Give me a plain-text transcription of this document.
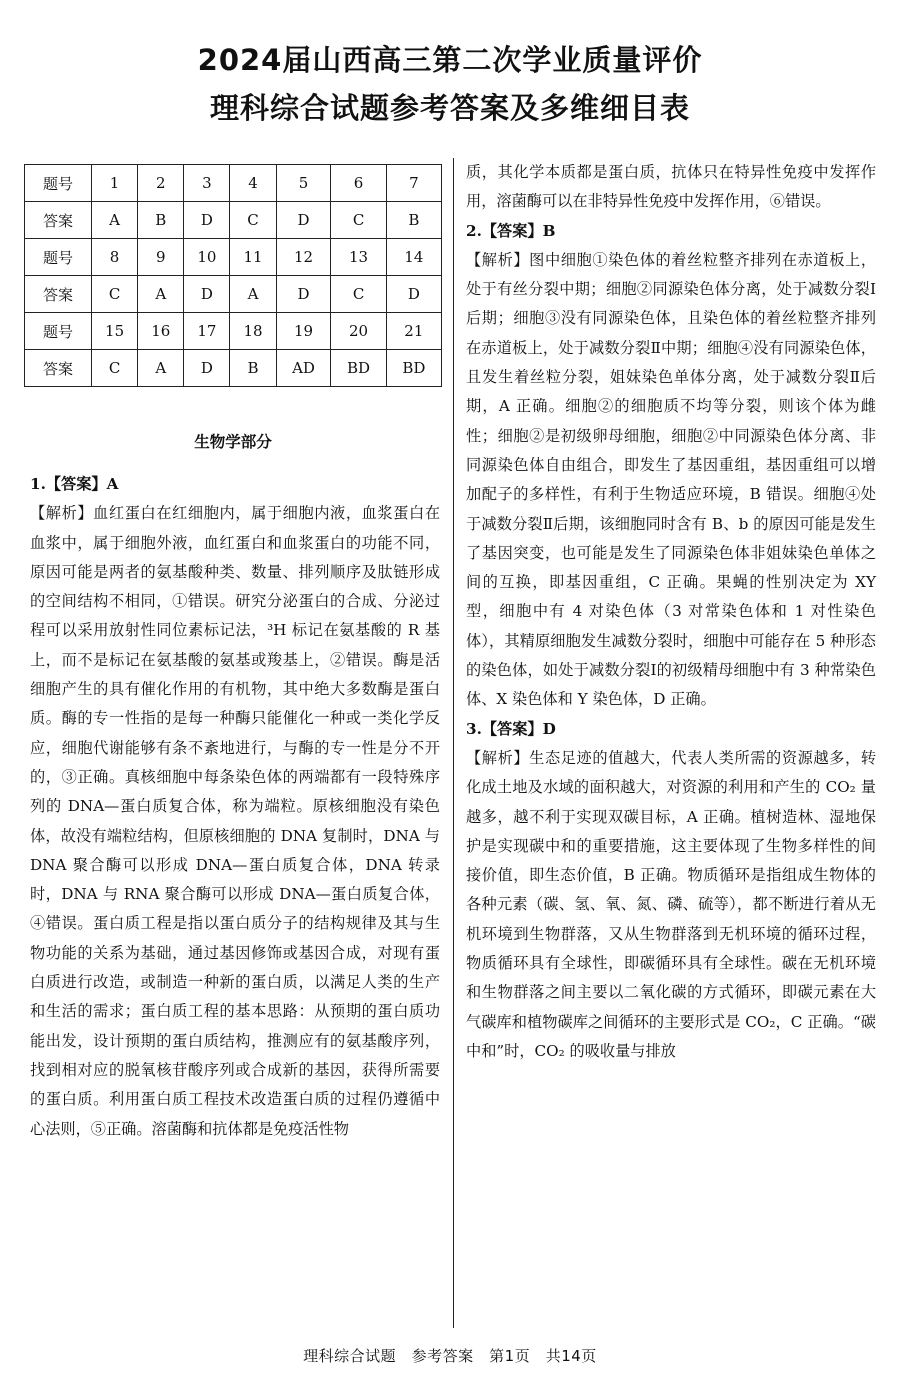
2024届山西高三第二次学业质量评价
理科综合试题参考答案及多维细目表
题号	1	2	3	4	5	6	7
答案	A	B	D	C	D	C	B
题号	8	9	10	11	12	13	14
答案	C	A	D	A	D	C	D
题号	15	16	17	18	19	20	21
答案	C	A	D	B	AD	BD	BD
生物学部分
1.【答案】A

【解析】血红蛋白在红细胞内，属于细胞内液，血浆蛋白在血浆中，属于细胞外液，血红蛋白和血浆蛋白的功能不同，原因可能是两者的氨基酸种类、数量、排列顺序及肽链形成的空间结构不相同，①错误。研究分泌蛋白的合成、分泌过程可以采用放射性同位素标记法，³H 标记在氨基酸的 R 基上，而不是标记在氨基酸的氨基或羧基上，②错误。酶是活细胞产生的具有催化作用的有机物，其中绝大多数酶是蛋白质。酶的专一性指的是每一种酶只能催化一种或一类化学反应，细胞代谢能够有条不紊地进行，与酶的专一性是分不开的，③正确。真核细胞中每条染色体的两端都有一段特殊序列的 DNA—蛋白质复合体，称为端粒。原核细胞没有染色体，故没有端粒结构，但原核细胞的 DNA 复制时，DNA 与 DNA 聚合酶可以形成 DNA—蛋白质复合体，DNA 转录时，DNA 与 RNA 聚合酶可以形成 DNA—蛋白质复合体，④错误。蛋白质工程是指以蛋白质分子的结构规律及其与生物功能的关系为基础，通过基因修饰或基因合成，对现有蛋白质进行改造，或制造一种新的蛋白质，以满足人类的生产和生活的需求；蛋白质工程的基本思路：从预期的蛋白质功能出发，设计预期的蛋白质结构，推测应有的氨基酸序列，找到相对应的脱氧核苷酸序列或合成新的基因，获得所需要的蛋白质。利用蛋白质工程技术改造蛋白质的过程仍遵循中心法则，⑤正确。溶菌酶和抗体都是免疫活性物

质，其化学本质都是蛋白质，抗体只在特异性免疫中发挥作用，溶菌酶可以在非特异性免疫中发挥作用，⑥错误。

2.【答案】B

【解析】图中细胞①染色体的着丝粒整齐排列在赤道板上，处于有丝分裂中期；细胞②同源染色体分离，处于减数分裂Ⅰ后期；细胞③没有同源染色体，且染色体的着丝粒整齐排列在赤道板上，处于减数分裂Ⅱ中期；细胞④没有同源染色体，且发生着丝粒分裂，姐妹染色单体分离，处于减数分裂Ⅱ后期，A 正确。细胞②的细胞质不均等分裂，则该个体为雌性；细胞②是初级卵母细胞，细胞②中同源染色体分离、非同源染色体自由组合，即发生了基因重组，基因重组可以增加配子的多样性，有利于生物适应环境，B 错误。细胞④处于减数分裂Ⅱ后期，该细胞同时含有 B、b 的原因可能是发生了基因突变，也可能是发生了同源染色体非姐妹染色单体之间的互换，即基因重组，C 正确。果蝇的性别决定为 XY 型，细胞中有 4 对染色体（3 对常染色体和 1 对性染色体），其精原细胞发生减数分裂时，细胞中可能存在 5 种形态的染色体，如处于减数分裂Ⅰ的初级精母细胞中有 3 种常染色体、X 染色体和 Y 染色体，D 正确。

3.【答案】D

【解析】生态足迹的值越大，代表人类所需的资源越多，转化成土地及水域的面积越大，对资源的利用和产生的 CO₂ 量越多，越不利于实现双碳目标，A 正确。植树造林、湿地保护是实现碳中和的重要措施，这主要体现了生物多样性的间接价值，即生态价值，B 正确。物质循环是指组成生物体的各种元素（碳、氢、氧、氮、磷、硫等），都不断进行着从无机环境到生物群落，又从生物群落到无机环境的循环过程，物质循环具有全球性，即碳循环具有全球性。碳在无机环境和生物群落之间主要以二氧化碳的方式循环，即碳元素在大气碳库和植物碳库之间循环的主要形式是 CO₂，C 正确。“碳中和”时，CO₂ 的吸收量与排放

理科综合试题　参考答案　第1页　共14页
